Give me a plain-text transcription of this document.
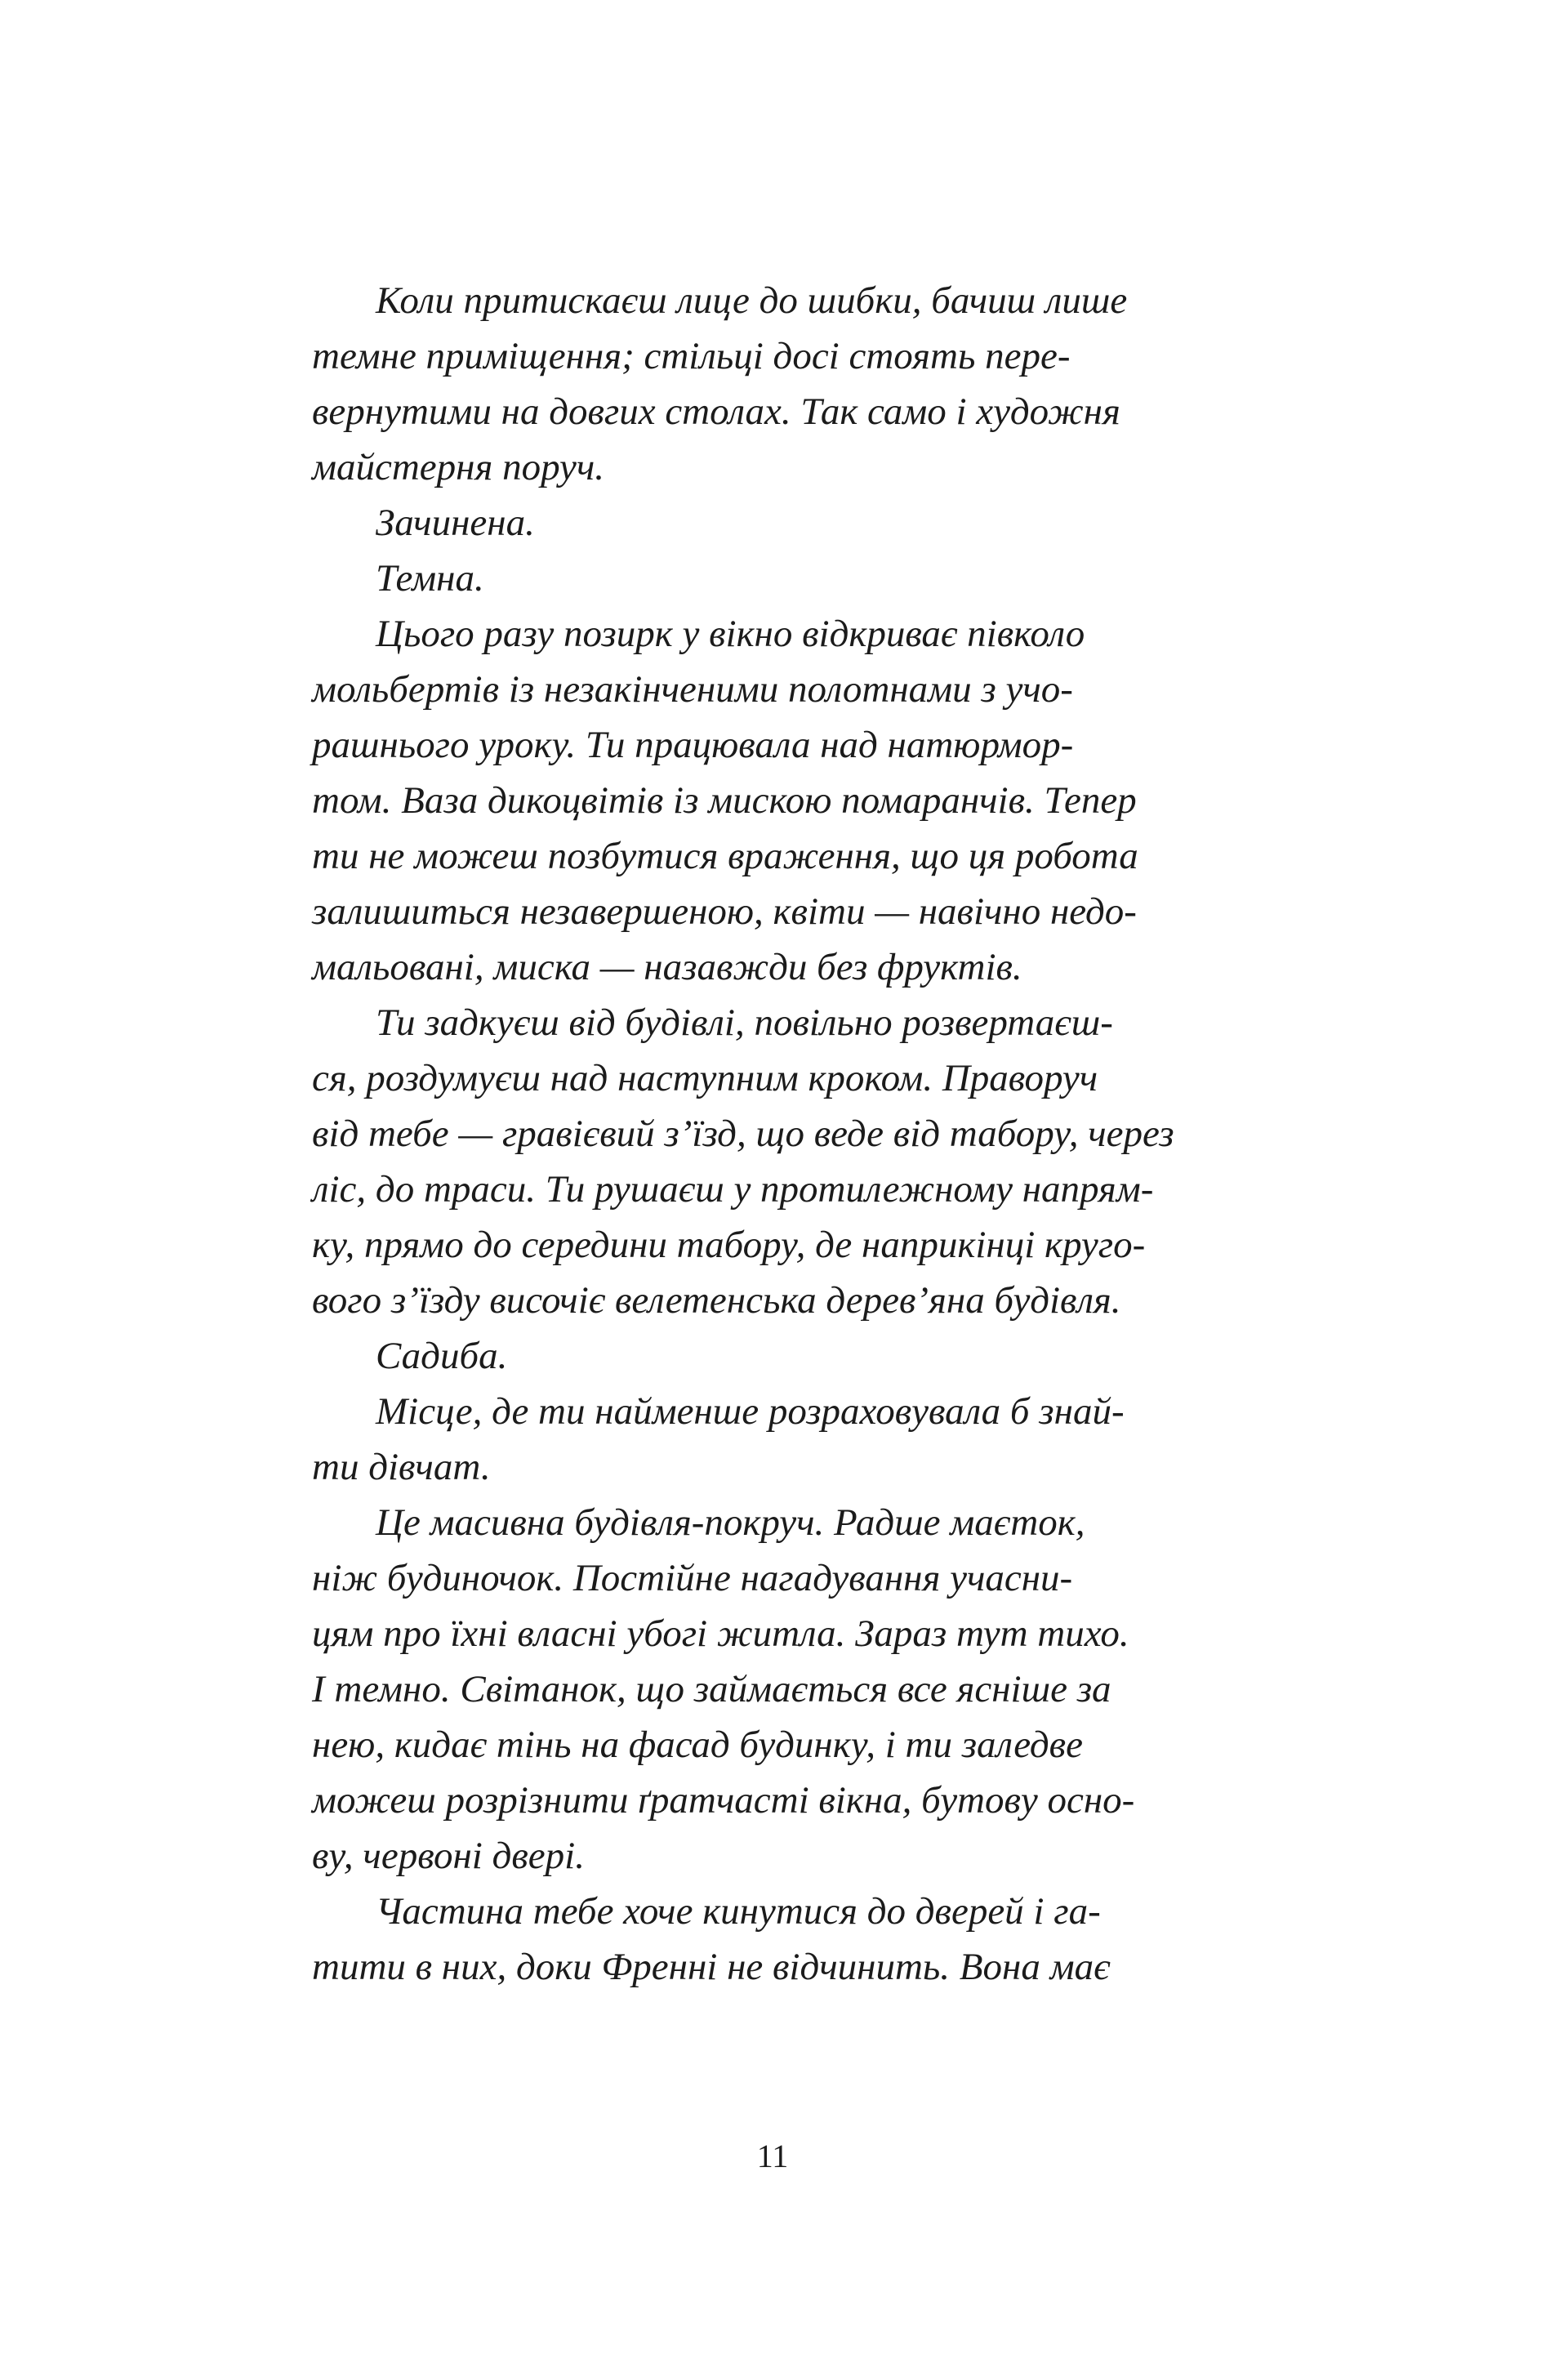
Коли притискаєш лице до шибки, бачиш лише
темне приміщення; стільці досі стоять пере-
вернутими на довгих столах. Так само і художня
майстерня поруч.
Зачинена.
Темна.
Цього разу позирк у вікно відкриває півколо
мольбертів із незакінченими полотнами з учо-
рашнього уроку. Ти працювала над натюрмор-
том. Ваза дикоцвітів із мискою помаранчів. Тепер
ти не можеш позбутися враження, що ця робота
залишиться незавершеною, квіти — навічно недо-
мальовані, миска — назавжди без фруктів.
Ти задкуєш від будівлі, повільно розвертаєш-
ся, роздумуєш над наступним кроком. Праворуч
від тебе — гравієвий з’їзд, що веде від табору, через
ліс, до траси. Ти рушаєш у протилежному напрям-
ку, прямо до середини табору, де наприкінці круго-
вого з’їзду височіє велетенська дерев’яна будівля.
Садиба.
Місце, де ти найменше розраховувала б знай-
ти дівчат.
Це масивна будівля-покруч. Радше маєток,
ніж будиночок. Постійне нагадування учасни-
цям про їхні власні убогі житла. Зараз тут тихо.
І темно. Світанок, що займається все ясніше за
нею, кидає тінь на фасад будинку, і ти заледве
можеш розрізнити ґратчасті вікна, бутову осно-
ву, червоні двері.
Частина тебе хоче кинутися до дверей і га-
тити в них, доки Френні не відчинить. Вона має
11
